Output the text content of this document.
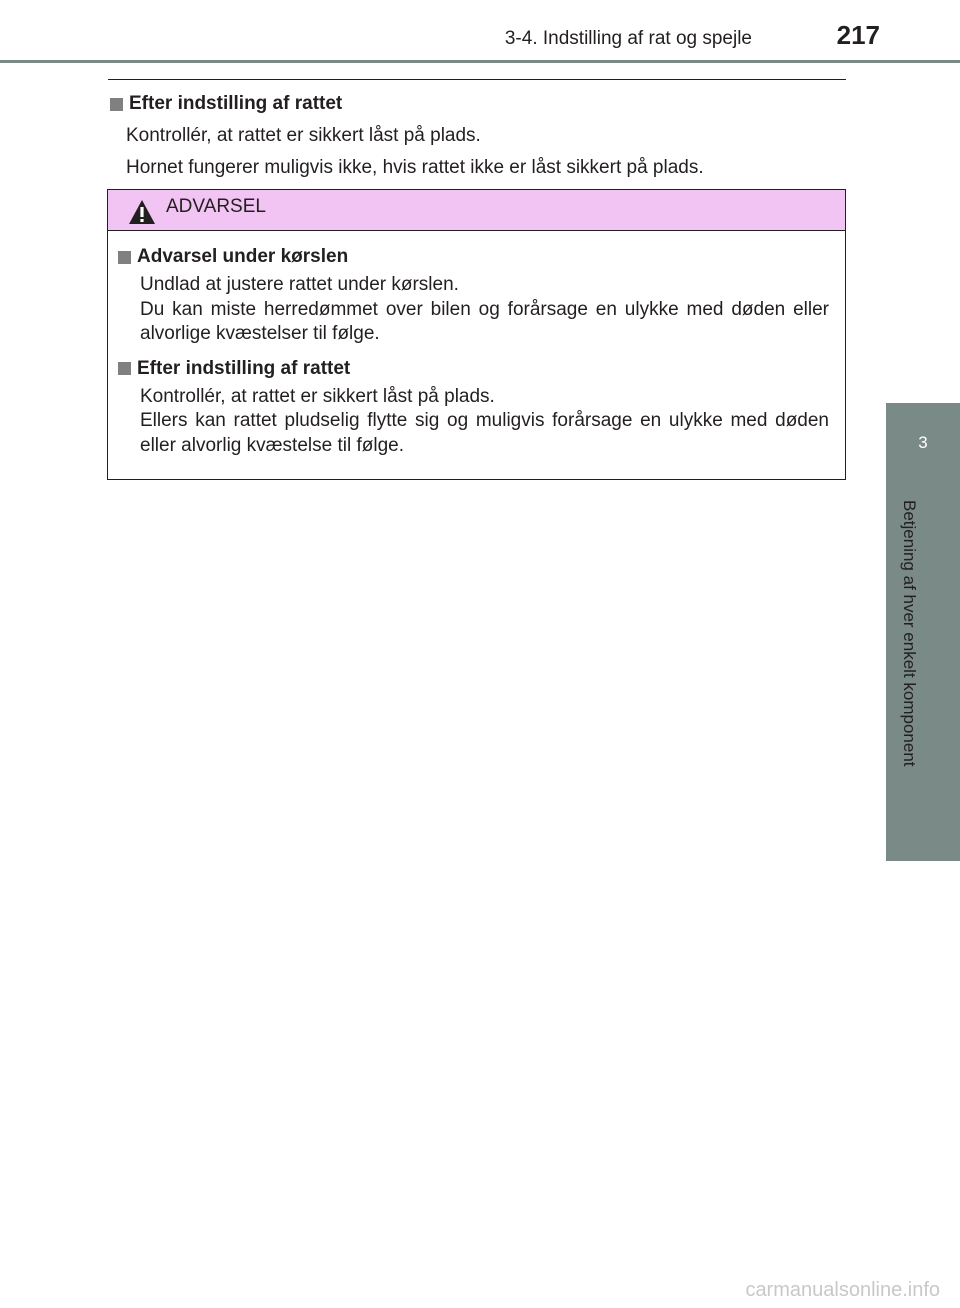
3-4. Indstilling af rat og spejle	217
3
Betjening af hver enkelt komponent
Efter indstilling af rattet
Kontrollér, at rattet er sikkert låst på plads.
Hornet fungerer muligvis ikke, hvis rattet ikke er låst sikkert på plads.
ADVARSEL
Advarsel under kørslen
Undlad at justere rattet under kørslen.
Du kan miste herredømmet over bilen og forårsage en ulykke med døden eller alvorlige kvæstelser til følge.
Efter indstilling af rattet
Kontrollér, at rattet er sikkert låst på plads.
Ellers kan rattet pludselig flytte sig og muligvis forårsage en ulykke med døden eller alvorlig kvæstelse til følge.
carmanualsonline.info
